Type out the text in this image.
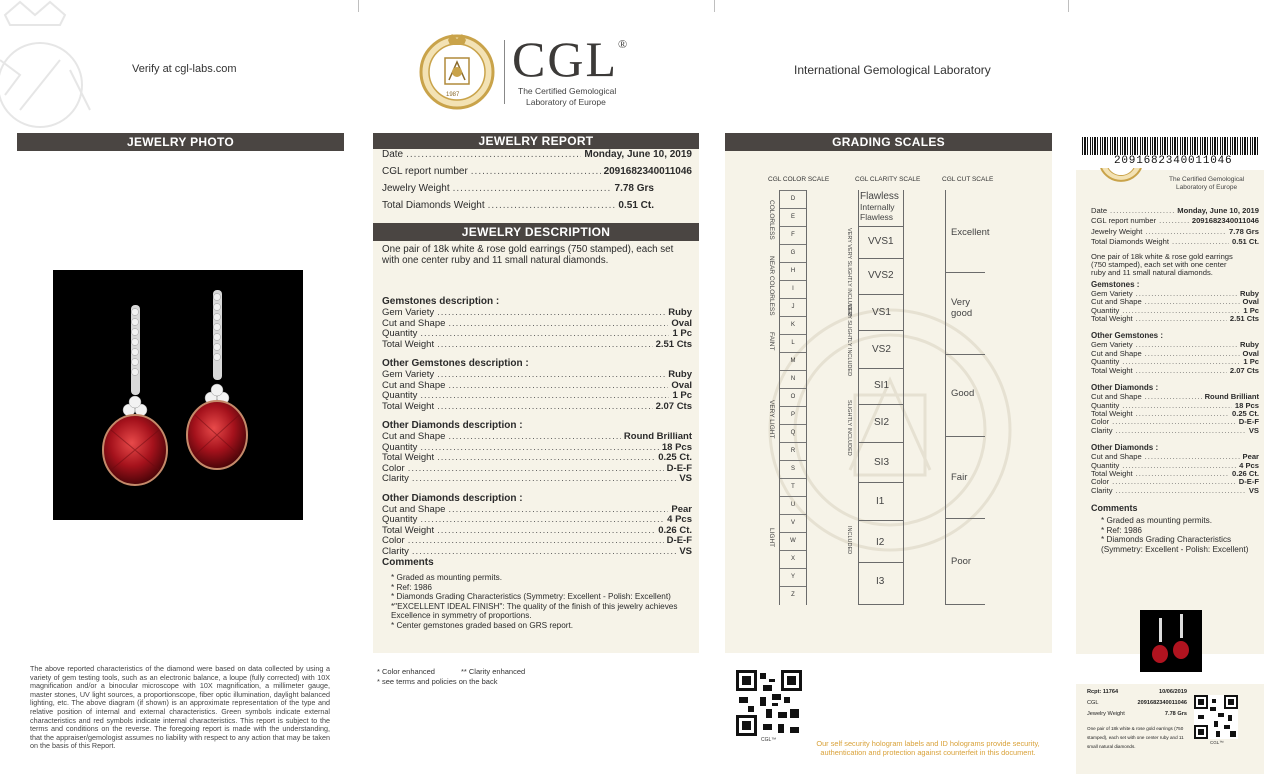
Verify at cgl-labs.com
1987
CGL®
The Certified Gemological
Laboratory of Europe
International Gemological Laboratory
JEWELRY PHOTO
The above reported characteristics of the diamond were based on data collected by using a variety of gem testing tools, such as an electronic balance, a loupe (fully corrected) with 10X magnification and/or a binocular microscope with 10X magnification, a millimeter gauge, master stones, UV light sources, a proportionscope, fiber optic illumination, daylight balanced lighting, etc. The above diagram (if shown) is an approximate representation of the type and relative position of internal and external characteristics. Green symbols indicate external characteristics and red symbols indicate internal characteristics. This report is subject to the terms and conditions on the reverse. The foregoing report is made with the understanding, that the appraiser/gemologist assumes no liability with respect to any action that may be taken on the basis of this Report.
JEWELRY REPORT
Date .....	Monday, June 10, 2019
CGL report number .....	2091682340011046
Jewelry Weight .....	7.78 Grs
Total Diamonds Weight .....	0.51 Ct.
JEWELRY DESCRIPTION
One pair of 18k white & rose gold earrings (750 stamped), each set with one center ruby and 11 small natural diamonds.
Gemstones description :
Gem Variety .....	Ruby
Cut and Shape .....	Oval
Quantity .....	1 Pc
Total Weight .....	2.51 Cts
Other Gemstones description :
Gem Variety .....	Ruby
Cut and Shape .....	Oval
Quantity .....	1 Pc
Total Weight .....	2.07 Cts
Other Diamonds description :
Cut and Shape .....	Round Brilliant
Quantity .....	18 Pcs
Total Weight .....	0.25 Ct.
Color .....	D-E-F
Clarity .....	VS
Other Diamonds description :
Cut and Shape .....	Pear
Quantity .....	4 Pcs
Total Weight .....	0.26 Ct.
Color .....	D-E-F
Clarity .....	VS
Comments
* Graded as mounting permits.
* Ref: 1986
* Diamonds Grading Characteristics (Symmetry: Excellent - Polish: Excellent) *"EXCELLENT IDEAL FINISH": The quality of the finish of this jewelry achieves Excellence in symmetry of proportions.
* Center gemstones graded based on GRS report.
* Color enhanced	** Clarity enhanced
* see terms and policies on the back
GRADING SCALES
CGL COLOR SCALE	CGL CLARITY SCALE	CGL CUT SCALE
D
E
F
G
H
I
J
K
L
M
N
O
P
Q
R
S
T
U
V
W
X
Y
Z
COLORLESS
NEAR COLORLESS
FAINT
VERY LIGHT
LIGHT
VERY VERY SLIGHTLY INCLUDED
VERY SLIGHTLY INCLUDED
SLIGHTLY INCLUDED
INCLUDED
Flawless
Internally Flawless
VVS1
VVS2
VS1
VS2
SI1
SI2
SI3
I1
I2
I3
Excellent
Very good
Good
Fair
Poor
CGL™	Our self security hologram labels and ID holograms provide security, authentication and protection against counterfeit in this document.
2091682340011046
The Certified Gemological
Laboratory of Europe
Date .....	Monday, June 10, 2019
CGL report number .....	2091682340011046
Jewelry Weight .....	7.78 Grs
Total Diamonds Weight .....	0.51 Ct.
One pair of 18k white & rose gold earrings (750 stamped), each set with one center ruby and 11 small natural diamonds.
Gemstones :
Gem Variety .....	Ruby
Cut and Shape .....	Oval
Quantity .....	1 Pc
Total Weight .....	2.51 Cts
Other Gemstones :
Gem Variety .....	Ruby
Cut and Shape .....	Oval
Quantity .....	1 Pc
Total Weight .....	2.07 Cts
Other Diamonds :
Cut and Shape .....	Round Brilliant
Quantity .....	18 Pcs
Total Weight .....	0.25 Ct.
Color .....	D-E-F
Clarity .....	VS
Other Diamonds :
Cut and Shape .....	Pear
Quantity .....	4 Pcs
Total Weight .....	0.26 Ct.
Color .....	D-E-F
Clarity .....	VS
Comments
* Graded as mounting permits.
* Ref: 1986
* Diamonds Grading Characteristics (Symmetry: Excellent - Polish: Excellent)
Rcpt: 11764	10/06/2019
CGL	2091682340011046
Jewelry Weight	7.78 Grs
One pair of 18k white & rose gold earrings (750 stamped), each set with one center ruby and 11 small natural diamonds.
CGL™
